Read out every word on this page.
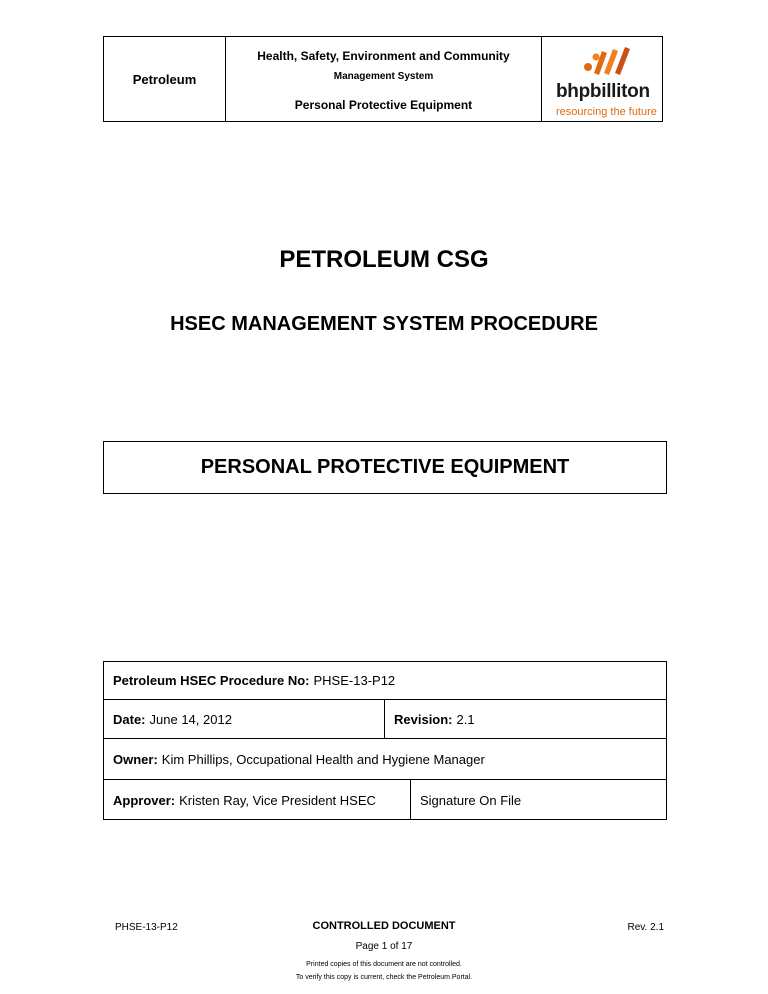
Petroleum
Health, Safety, Environment and Community
Management System
Personal Protective Equipment
bhpbilliton
resourcing the future
PETROLEUM CSG
HSEC MANAGEMENT SYSTEM PROCEDURE
PERSONAL PROTECTIVE EQUIPMENT
Petroleum HSEC Procedure No: PHSE-13-P12
Date: June 14, 2012	Revision: 2.1
Owner: Kim Phillips, Occupational Health and Hygiene Manager
Approver: Kristen Ray, Vice President HSEC	Signature On File
PHSE-13-P12	CONTROLLED DOCUMENT	Rev. 2.1
Page 1 of 17
Printed copies of this document are not controlled.
To verify this copy is current, check the Petroleum Portal.
